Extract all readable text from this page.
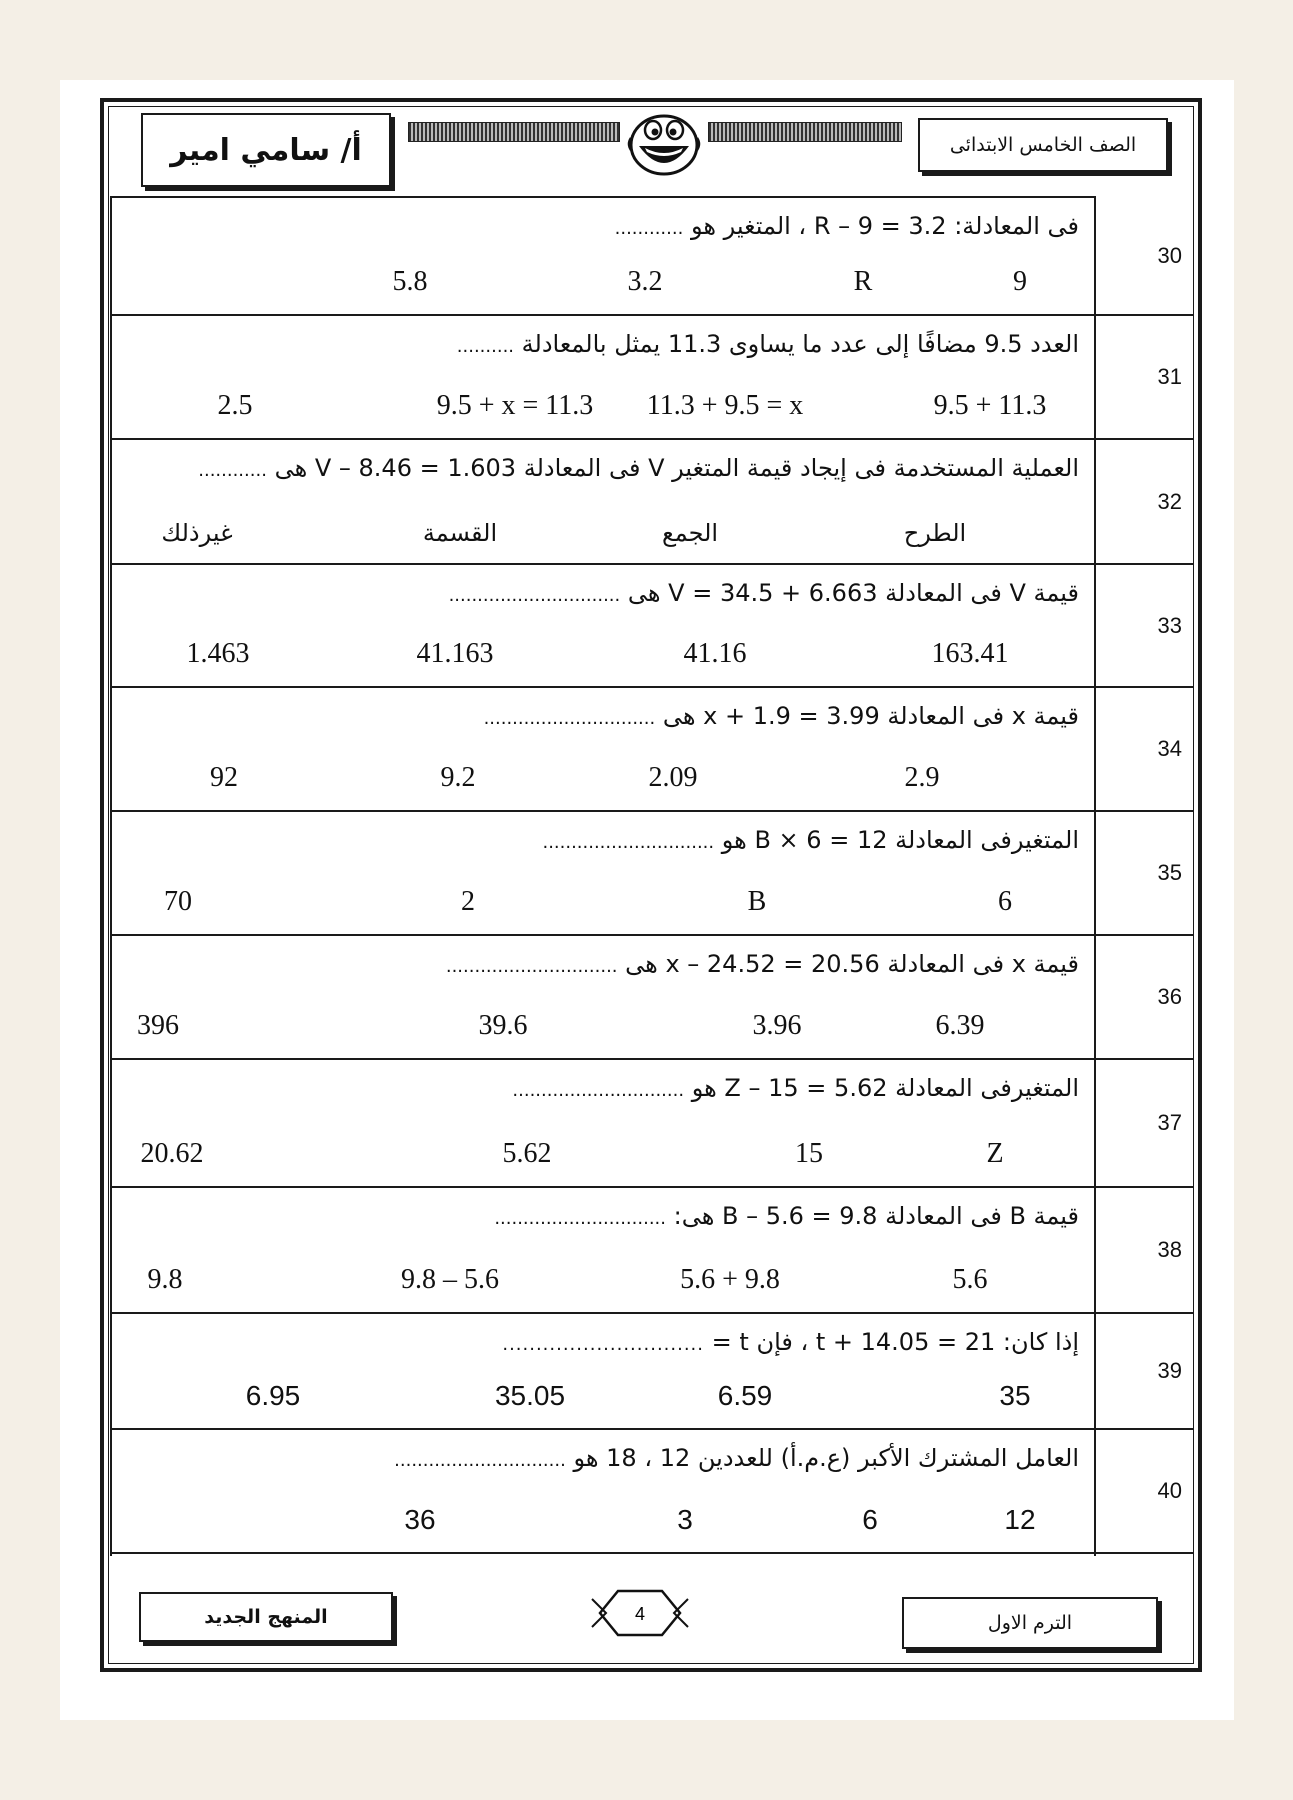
أ/ سامي امير	الصف الخامس الابتدائى
30
فى المعادلة: 3.2 = R – 9 ، المتغير هو ............
9
R
3.2
5.8
31
العدد 9.5 مضافًا إلى عدد ما يساوى 11.3 يمثل بالمعادلة ..........
9.5 + 11.3
11.3 + 9.5 = x
9.5 + x = 11.3
2.5
32
العملية المستخدمة فى إيجاد قيمة المتغير V فى المعادلة 1.603 = V – 8.46 هى ............
الطرح
الجمع
القسمة
غيرذلك
33
قيمة V فى المعادلة 6.663 + 34.5 = V هى ..............................
163.41
41.16
41.163
1.463
34
قيمة x فى المعادلة 3.99 = 1.9 + x هى ..............................
2.9
2.09
9.2
92
35
المتغيرفى المعادلة 12 = B × 6 هو ..............................
6
B
2
70
36
قيمة x فى المعادلة 20.56 = x – 24.52 هى ..............................
6.39
3.96
39.6
396
37
المتغيرفى المعادلة 5.62 = 15 – Z هو ..............................
Z
15
5.62
20.62
38
قيمة B فى المعادلة 9.8 = 5.6 – B هى: ..............................
5.6
5.6 + 9.8
9.8 – 5.6
9.8
39
إذا كان: 21 = t + 14.05 ، فإن t = ..............................
35
6.59
35.05
6.95
40
العامل المشترك الأكبر (ع.م.أ) للعددين 12 ، 18 هو ..............................
12
6
3
36
الترم الاول
4
المنهج الجديد
